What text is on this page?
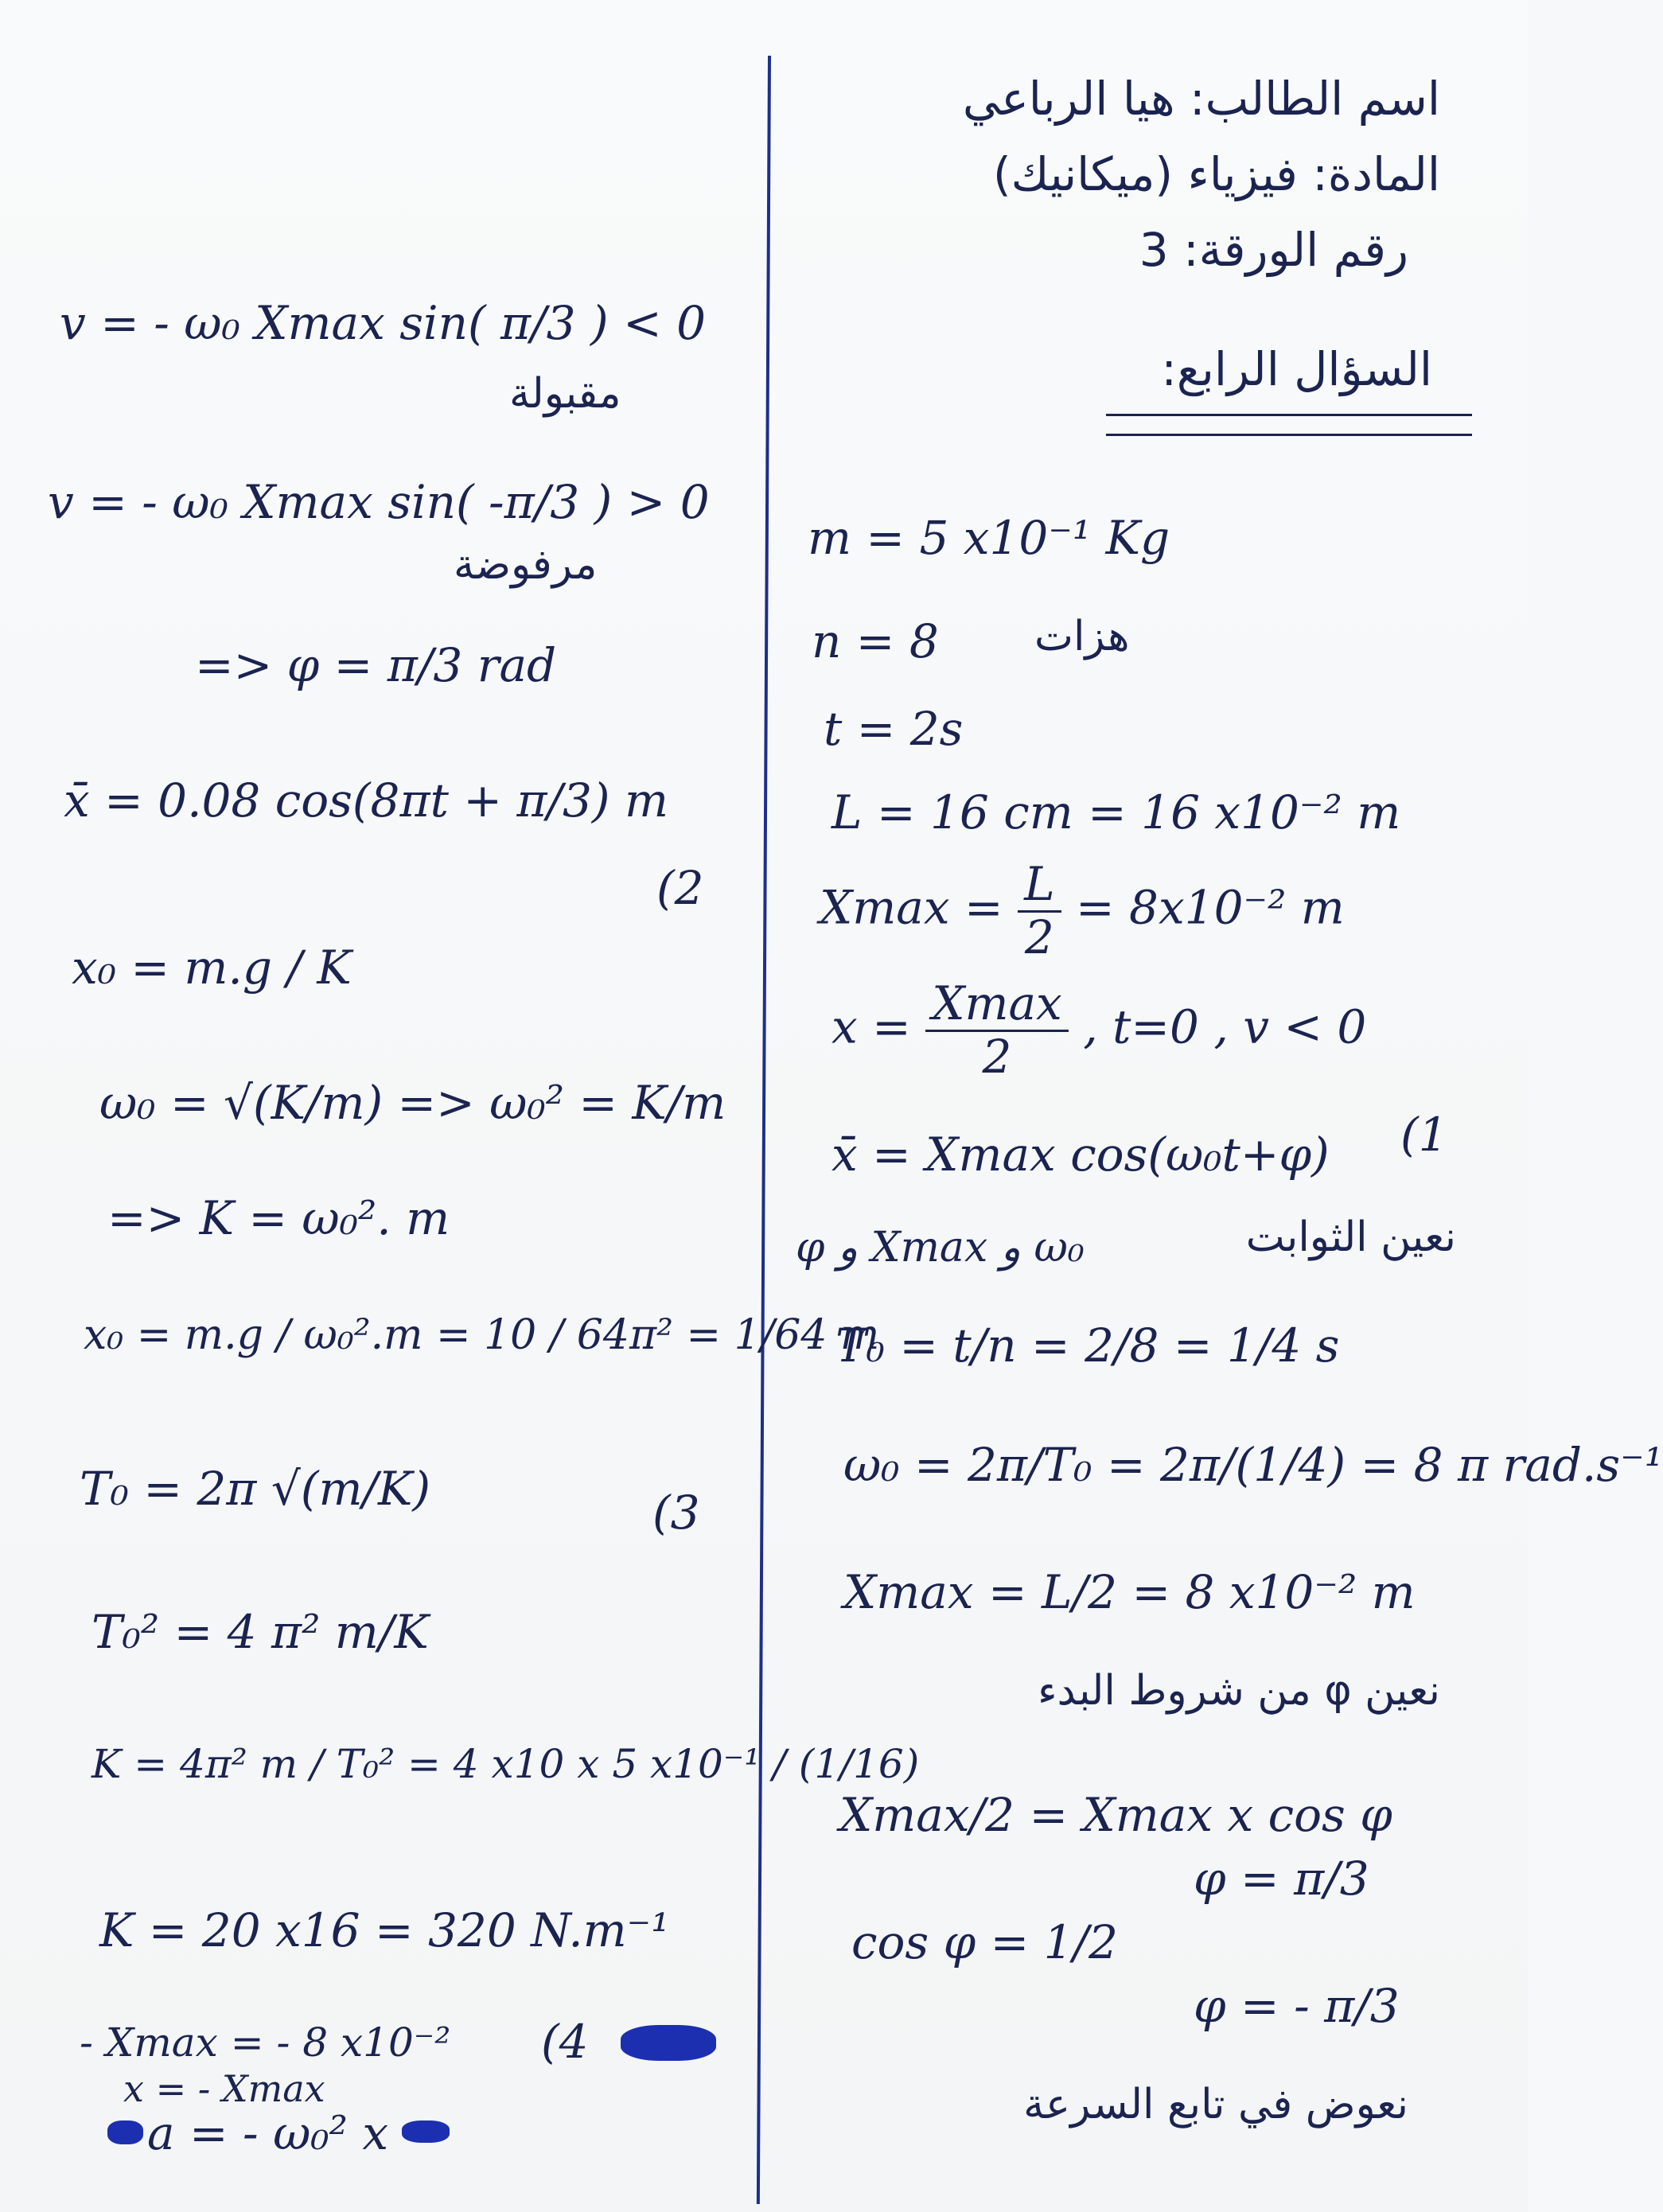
اسم الطالب: هيا الرباعي
المادة: فيزياء (ميكانيك)
رقم الورقة: 3
السؤال الرابع:
m = 5 x10⁻¹ Kg
n = 8 هزات
t = 2s
L = 16 cm = 16 x10⁻² m
$Xmax = \frac{L}{2} = 8x10^{-2}$ m
$x = \frac{Xmax}{2}$ , t=0 , v < 0
x̄ = Xmax cos(ω₀t+φ) (1
نعين الثوابت
φ و Xmax و ω₀
T₀ = t/n = 2/8 = 1/4 s
ω₀ = 2π/T₀ = 2π/(1/4) = 8 π rad.s⁻¹
Xmax = L/2 = 8 x10⁻² m
نعين φ من شروط البدء
Xmax/2 = Xmax x cos φ
cos φ = 1/2
φ = π/3
φ = - π/3
نعوض في تابع السرعة
v = - ω₀ Xmax sin( π/3 ) < 0
مقبولة
v = - ω₀ Xmax sin( -π/3 ) > 0
مرفوضة
=> φ = π/3 rad
x̄ = 0.08 cos(8πt + π/3) m
(2
x₀ = m.g / K
ω₀ = √(K/m) => ω₀² = K/m
=> K = ω₀². m
x₀ = m.g / ω₀².m = 10 / 64π² = 1/64 m
T₀ = 2π √(m/K)	(3
T₀² = 4 π² m/K
K = 4π² m / T₀² = 4 x10 x 5 x10⁻¹ / (1/16)
K = 20 x16 = 320 N.m⁻¹
- Xmax = - 8 x10⁻² (4
x = - Xmax
a = - ω₀² x
